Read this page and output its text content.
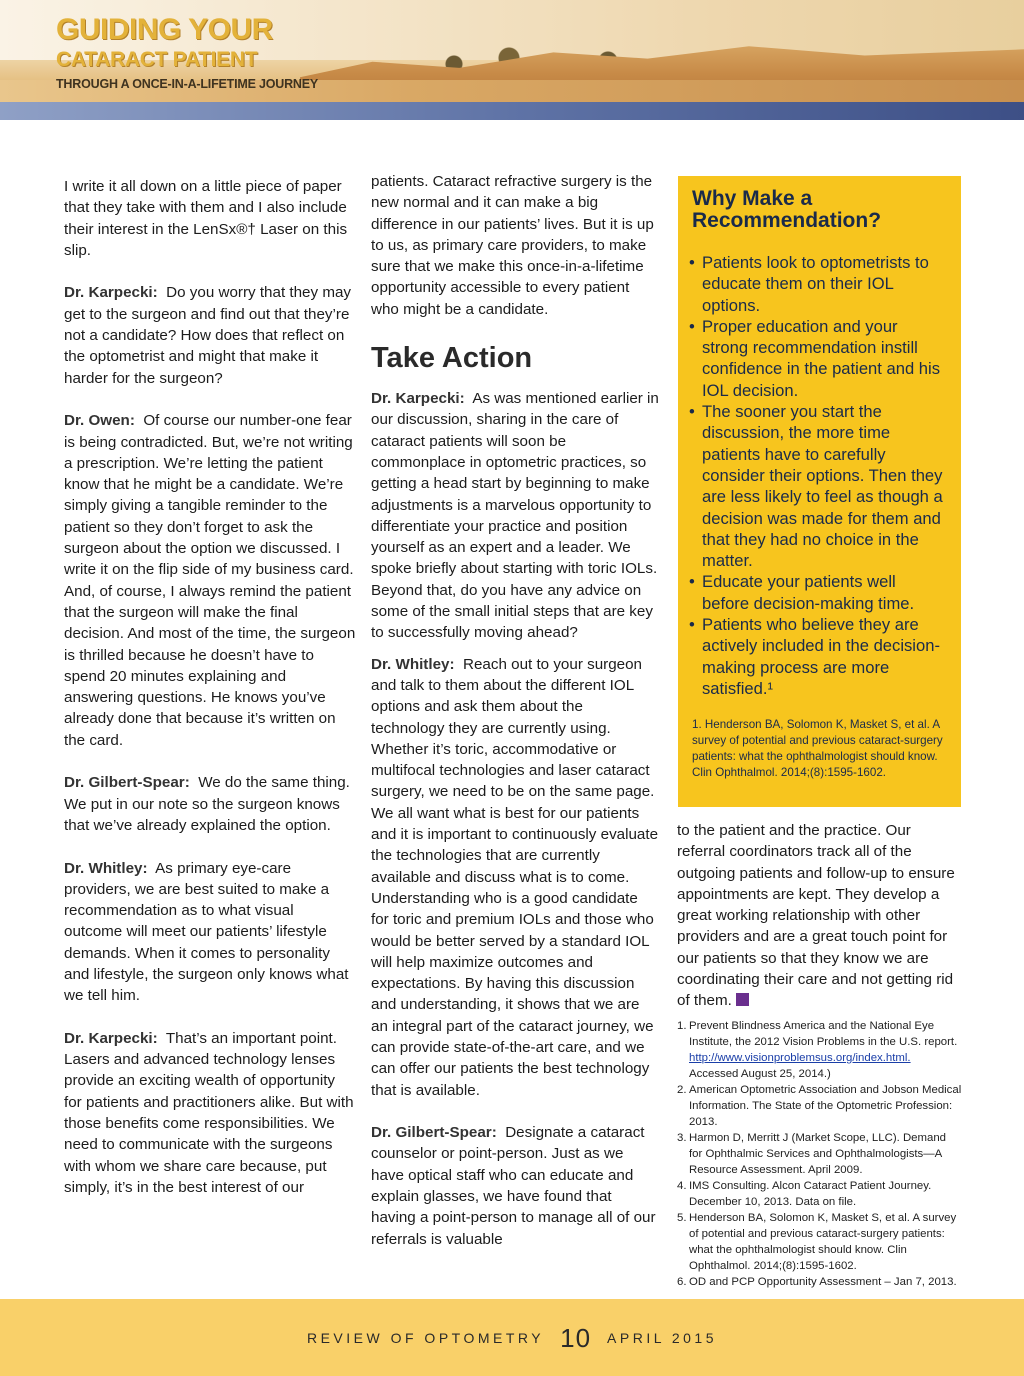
GUIDING YOUR
CATARACT PATIENT
THROUGH A ONCE-IN-A-LIFETIME JOURNEY

I write it all down on a little piece of paper that they take with them and I also include their interest in the LenSx®† Laser on this slip.

Dr. Karpecki: Do you worry that they may get to the surgeon and find out that they’re not a candidate? How does that reflect on the optometrist and might that make it harder for the surgeon?

Dr. Owen: Of course our number-one fear is being contradicted. But, we’re not writing a prescription. We’re letting the patient know that he might be a candidate. We’re simply giving a tangible reminder to the patient so they don’t forget to ask the surgeon about the option we discussed. I write it on the flip side of my business card. And, of course, I always remind the patient that the surgeon will make the final decision. And most of the time, the surgeon is thrilled because he doesn’t have to spend 20 minutes explaining and answering questions. He knows you’ve already done that because it’s written on the card.

Dr. Gilbert-Spear: We do the same thing. We put in our note so the surgeon knows that we’ve already explained the option.

Dr. Whitley: As primary eye-care providers, we are best suited to make a recommendation as to what visual outcome will meet our patients’ lifestyle demands. When it comes to personality and lifestyle, the surgeon only knows what we tell him.

Dr. Karpecki: That’s an important point. Lasers and advanced technology lenses provide an exciting wealth of opportunity for patients and practitioners alike. But with those benefits come responsibilities. We need to communicate with the surgeons with whom we share care because, put simply, it’s in the best interest of our

patients. Cataract refractive surgery is the new normal and it can make a big difference in our patients’ lives. But it is up to us, as primary care providers, to make sure that we make this once-in-a-lifetime opportunity accessible to every patient who might be a candidate.

Take Action

Dr. Karpecki: As was mentioned earlier in our discussion, sharing in the care of cataract patients will soon be commonplace in optometric practices, so getting a head start by beginning to make adjustments is a marvelous opportunity to differentiate your practice and position yourself as an expert and a leader. We spoke briefly about starting with toric IOLs. Beyond that, do you have any advice on some of the small initial steps that are key to successfully moving ahead?

Dr. Whitley: Reach out to your surgeon and talk to them about the different IOL options and ask them about the technology they are currently using. Whether it’s toric, accommodative or multifocal technologies and laser cataract surgery, we need to be on the same page. We all want what is best for our patients and it is important to continuously evaluate the technologies that are currently available and discuss what is to come. Understanding who is a good candidate for toric and premium IOLs and those who would be better served by a standard IOL will help maximize outcomes and expectations. By having this discussion and understanding, it shows that we are an integral part of the cataract journey, we can provide state-of-the-art care, and we can offer our patients the best technology that is available.

Dr. Gilbert-Spear: Designate a cataract counselor or point-person. Just as we have optical staff who can educate and explain glasses, we have found that having a point-person to manage all of our referrals is valuable

Why Make a Recommendation?
• Patients look to optometrists to educate them on their IOL options.
• Proper education and your strong recommendation instill confidence in the patient and his IOL decision.
• The sooner you start the discussion, the more time patients have to carefully consider their options. Then they are less likely to feel as though a decision was made for them and that they had no choice in the matter.
• Educate your patients well before decision-making time.
• Patients who believe they are actively included in the decision-making process are more satisfied.¹
1. Henderson BA, Solomon K, Masket S, et al. A survey of potential and previous cataract-surgery patients: what the ophthalmologist should know. Clin Ophthalmol. 2014;(8):1595-1602.

to the patient and the practice. Our referral coordinators track all of the outgoing patients and follow-up to ensure appointments are kept. They develop a great working relationship with other providers and are a great touch point for our patients so that they know we are coordinating their care and not getting rid of them.

1. Prevent Blindness America and the National Eye Institute, the 2012 Vision Problems in the U.S. report. http://www.visionproblemsus.org/index.html. Accessed August 25, 2014.)
2. American Optometric Association and Jobson Medical Information. The State of the Optometric Profession: 2013.
3. Harmon D, Merritt J (Market Scope, LLC). Demand for Ophthalmic Services and Ophthalmologists—A Resource Assessment. April 2009.
4. IMS Consulting. Alcon Cataract Patient Journey. December 10, 2013. Data on file.
5. Henderson BA, Solomon K, Masket S, et al. A survey of potential and previous cataract-surgery patients: what the ophthalmologist should know. Clin Ophthalmol. 2014;(8):1595-1602.
6. OD and PCP Opportunity Assessment – Jan 7, 2013.
REVIEW OF OPTOMETRY 10 APRIL 2015
